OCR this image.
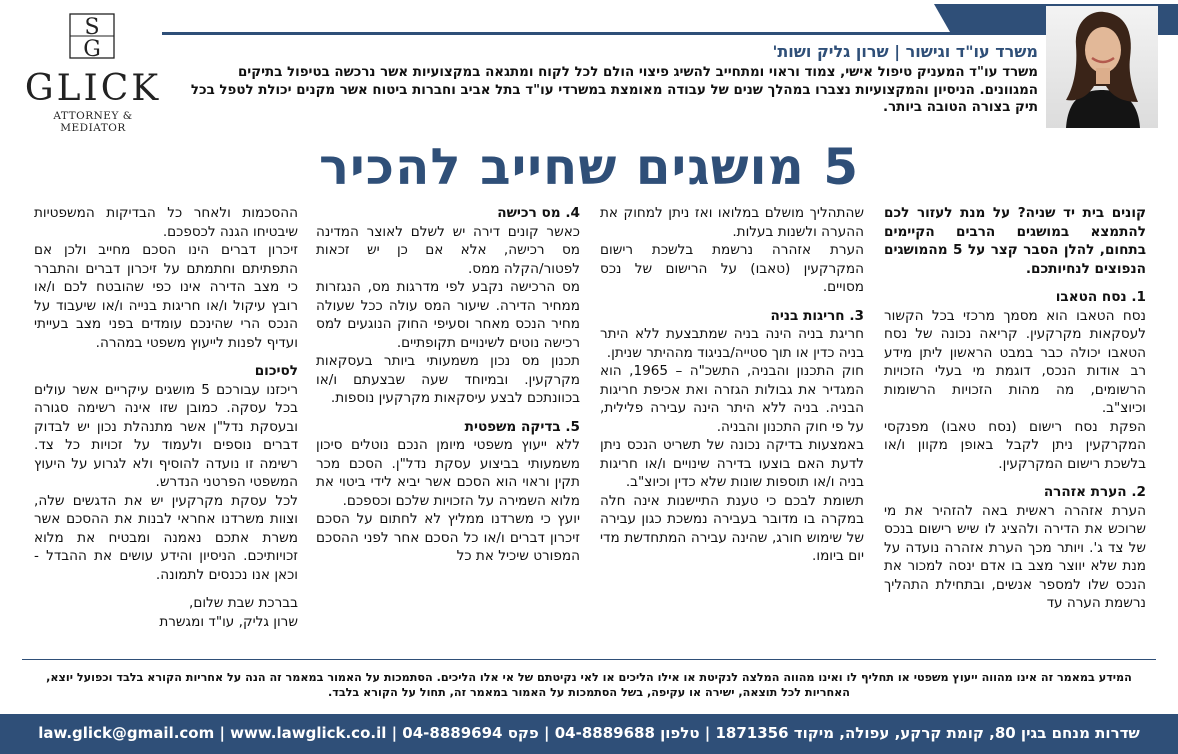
משרד עו"ד וגישור | שרון גליק ושות'
משרד עו"ד המעניק טיפול אישי, צמוד וראוי ומתחייב להשיג פיצוי הולם לכל לקוח ומתגאה במקצועיות אשר נרכשה בטיפול בתיקים המגוונים. הניסיון והמקצועיות נצברו במהלך שנים של עבודה מאומצת במשרדי עו"ד בתל אביב וחברות ביטוח אשר מקנים יכולת לטפל בכל תיק בצורה הטובה ביותר.
S
G
GLICK
ATTORNEY & MEDIATOR
5 מושגים שחייב להכיר

קונים בית יד שניה? על מנת לעזור לכם להתמצא במושגים הרבים הקיימים בתחום, להלן הסבר קצר על 5 מהמושגים הנפוצים לנחיותכם.

1. נסח הטאבו

נסח הטאבו הוא מסמך מרכזי בכל הקשור לעסקאות מקרקעין. קריאה נכונה של נסח הטאבו יכולה כבר במבט הראשון ליתן מידע רב אודות הנכס, דוגמת מי בעלי הזכויות הרשומים, מה מהות הזכויות הרשומות וכיוצ"ב.

הפקת נסח רישום (נסח טאבו) מפנקסי המקרקעין ניתן לקבל באופן מקוון ו/או בלשכת רישום המקרקעין.

2. הערת אזהרה

הערת אזהרה ראשית באה להזהיר את מי שרוכש את הדירה ולהציג לו שיש רישום בנכס של צד ג'. ויותר מכך הערת אזהרה נועדה על מנת שלא יווצר מצב בו אדם ינסה למכור את הנכס שלו למספר אנשים, ובתחילת התהליך נרשמת הערה עד

שהתהליך מושלם במלואו ואז ניתן למחוק את ההערה ולשנות בעלות.

הערת אזהרה נרשמת בלשכת רישום המקרקעין (טאבו) על הרישום של נכס מסויים.

3. חריגות בניה

חריגת בניה הינה בניה שמתבצעת ללא היתר בניה כדין או תוך סטייה/בניגוד מההיתר שניתן.

חוק התכנון והבניה, התשכ"ה – 1965, הוא המגדיר את גבולות הגזרה ואת אכיפת חריגות הבניה. בניה ללא היתר הינה עבירה פלילית, על פי חוק התכנון והבניה.

באמצעות בדיקה נכונה של תשריט הנכס ניתן לדעת האם בוצעו בדירה שינויים ו/או חריגות בניה ו/או תוספות שונות שלא כדין וכיוצ"ב.

תשומת לבכם כי טענת התיישנות אינה חלה במקרה בו מדובר בעבירה נמשכת כגון עבירה של שימוש חורג, שהינה עבירה המתחדשת מדי יום ביומו.

4. מס רכישה

כאשר קונים דירה יש לשלם לאוצר המדינה מס רכישה, אלא אם כן יש זכאות לפטור/הקלה ממס.

מס הרכישה נקבע לפי מדרגות מס, הנגזרות ממחיר הדירה. שיעור המס עולה ככל שעולה מחיר הנכס מאחר וסעיפי החוק הנוגעים למס רכישה נוטים לשינויים תקופתיים.

תכנון מס נכון משמעותי ביותר בעסקאות מקרקעין. ובמיוחד שעה שבצעתם ו/או בכוונתכם לבצע עיסקאות מקרקעין נוספות.

5. בדיקה משפטית

ללא ייעוץ משפטי מיומן הנכם נוטלים סיכון משמעותי בביצוע עסקת נדל"ן. הסכם מכר תקין וראוי הוא הסכם אשר יביא לידי ביטוי את מלוא השמירה על הזכויות שלכם וכספכם.

יועץ כי משרדנו ממליץ לא לחתום על הסכם זיכרון דברים ו/או כל הסכם אחר לפני ההסכם המפורט שיכיל את כל

ההסכמות ולאחר כל הבדיקות המשפטיות שיבטיחו הגנה לכספכם.

זיכרון דברים הינו הסכם מחייב ולכן אם התפתיתם וחתמתם על זיכרון דברים והתברר כי מצב הדירה אינו כפי שהובטח לכם ו/או רובץ עיקול ו/או חריגות בנייה ו/או שיעבוד על הנכס הרי שהינכם עומדים בפני מצב בעייתי ועדיף לפנות לייעוץ משפטי במהרה.

לסיכום

ריכזנו עבורכם 5 מושגים עיקריים אשר עולים בכל עסקה. כמובן שזו אינה רשימה סגורה ובעסקת נדל"ן אשר מתנהלת נכון יש לבדוק דברים נוספים ולעמוד על זכויות כל צד. רשימה זו נועדה להוסיף ולא לגרוע על היעוץ המשפטי הפרטני הנדרש.

לכל עסקת מקרקעין יש את הדגשים שלה, וצוות משרדנו אחראי לבנות את ההסכם אשר משרת אתכם נאמנה ומבטיח את מלוא זכויותיכם. הניסיון והידע עושים את ההבדל - וכאן אנו נכנסים לתמונה.

בברכת שבת שלום,

שרון גליק, עו"ד ומגשרת

המידע במאמר זה אינו מהווה ייעוץ משפטי או תחליף לו ואינו מהווה המלצה לנקיטת או אילו הליכים או לאי נקיטתם של אי אלו הליכים. הסתמכות על האמור במאמר זה הנה על אחריות הקורא בלבד וכפועל יוצא, האחריות לכל תוצאה, ישירה או עקיפה, בשל הסתמכות על האמור במאמר זה, תחול על הקורא בלבד.
שדרות מנחם בגין 80, קומת קרקע, עפולה, מיקוד 1871356 | טלפון 04-8889688 | פקס 04-8889694 | law.glick@gmail.com | www.lawglick.co.il
